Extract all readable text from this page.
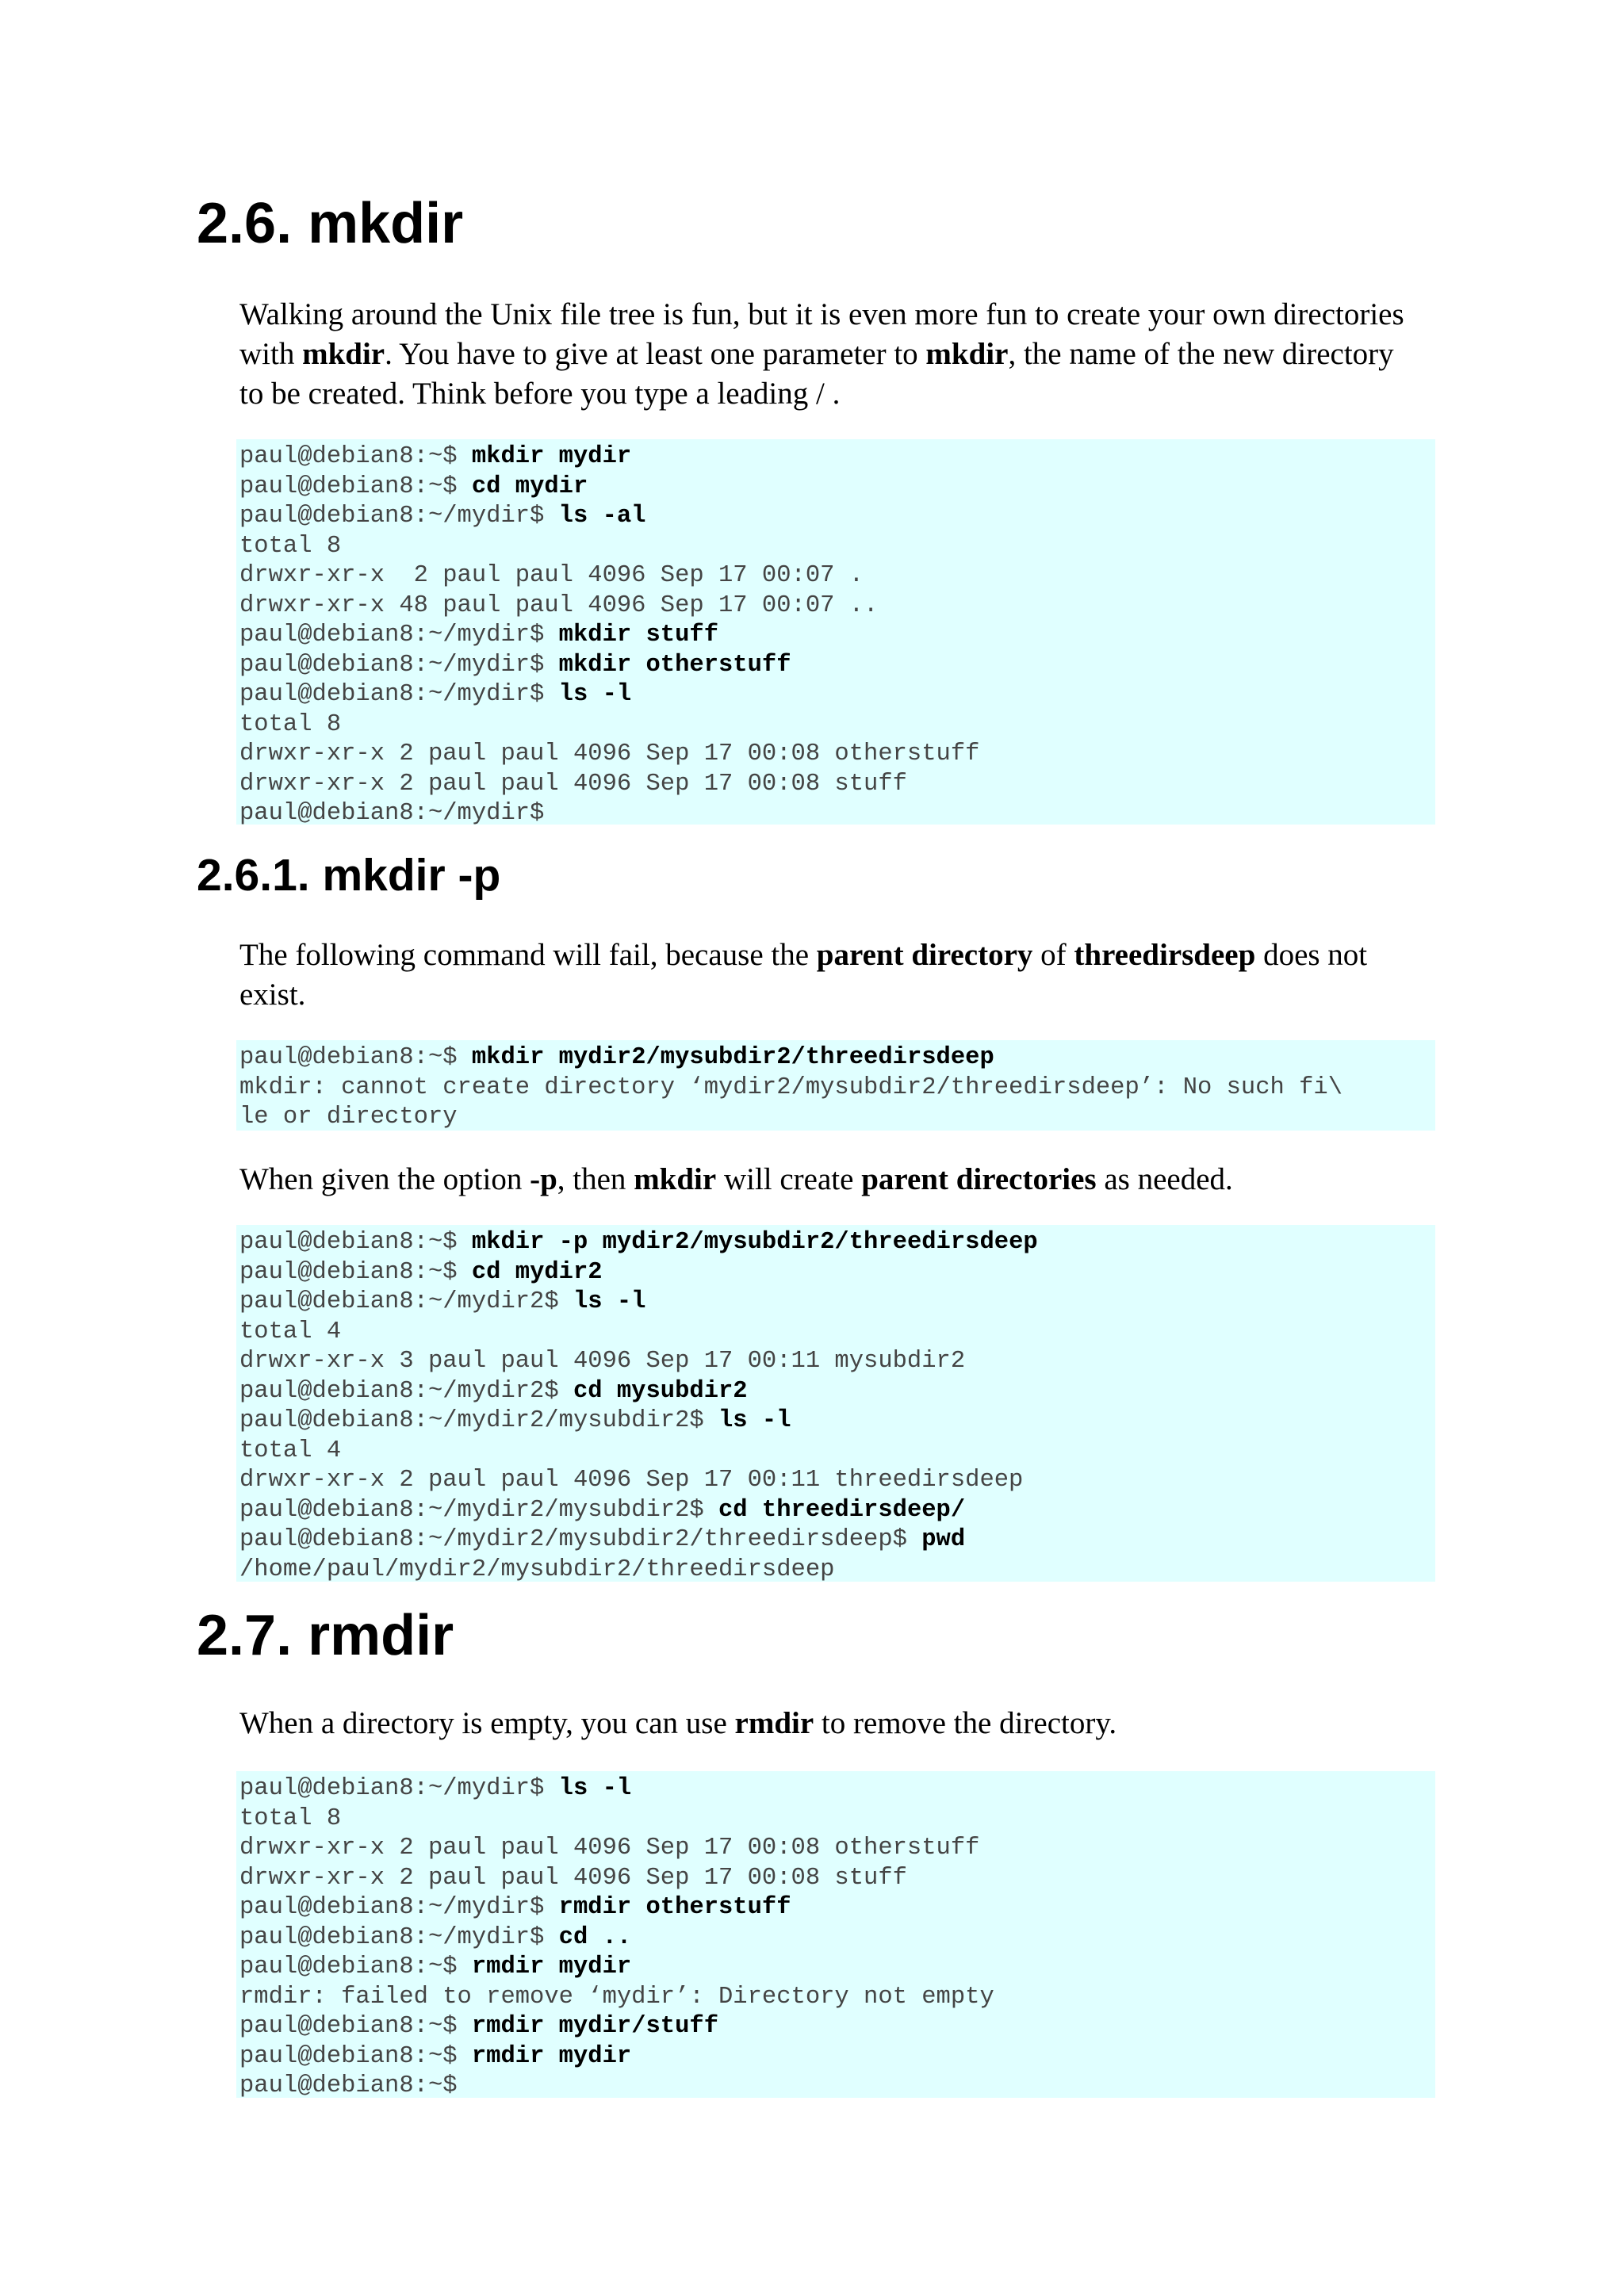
2.6. mkdir
Walking around the Unix file tree is fun, but it is even more fun to create your own directories
with mkdir. You have to give at least one parameter to mkdir, the name of the new directory
to be created. Think before you type a leading / .
paul@debian8:~$ mkdir mydir
paul@debian8:~$ cd mydir
paul@debian8:~/mydir$ ls -al
total 8
drwxr-xr-x  2 paul paul 4096 Sep 17 00:07 .
drwxr-xr-x 48 paul paul 4096 Sep 17 00:07 ..
paul@debian8:~/mydir$ mkdir stuff
paul@debian8:~/mydir$ mkdir otherstuff
paul@debian8:~/mydir$ ls -l
total 8
drwxr-xr-x 2 paul paul 4096 Sep 17 00:08 otherstuff
drwxr-xr-x 2 paul paul 4096 Sep 17 00:08 stuff
paul@debian8:~/mydir$
2.6.1. mkdir -p
The following command will fail, because the parent directory of threedirsdeep does not
exist.
paul@debian8:~$ mkdir mydir2/mysubdir2/threedirsdeep
mkdir: cannot create directory ‘mydir2/mysubdir2/threedirsdeep’: No such fi\
le or directory
When given the option -p, then mkdir will create parent directories as needed.
paul@debian8:~$ mkdir -p mydir2/mysubdir2/threedirsdeep
paul@debian8:~$ cd mydir2
paul@debian8:~/mydir2$ ls -l
total 4
drwxr-xr-x 3 paul paul 4096 Sep 17 00:11 mysubdir2
paul@debian8:~/mydir2$ cd mysubdir2
paul@debian8:~/mydir2/mysubdir2$ ls -l
total 4
drwxr-xr-x 2 paul paul 4096 Sep 17 00:11 threedirsdeep
paul@debian8:~/mydir2/mysubdir2$ cd threedirsdeep/
paul@debian8:~/mydir2/mysubdir2/threedirsdeep$ pwd
/home/paul/mydir2/mysubdir2/threedirsdeep
2.7. rmdir
When a directory is empty, you can use rmdir to remove the directory.
paul@debian8:~/mydir$ ls -l
total 8
drwxr-xr-x 2 paul paul 4096 Sep 17 00:08 otherstuff
drwxr-xr-x 2 paul paul 4096 Sep 17 00:08 stuff
paul@debian8:~/mydir$ rmdir otherstuff
paul@debian8:~/mydir$ cd ..
paul@debian8:~$ rmdir mydir
rmdir: failed to remove ‘mydir’: Directory not empty
paul@debian8:~$ rmdir mydir/stuff
paul@debian8:~$ rmdir mydir
paul@debian8:~$
